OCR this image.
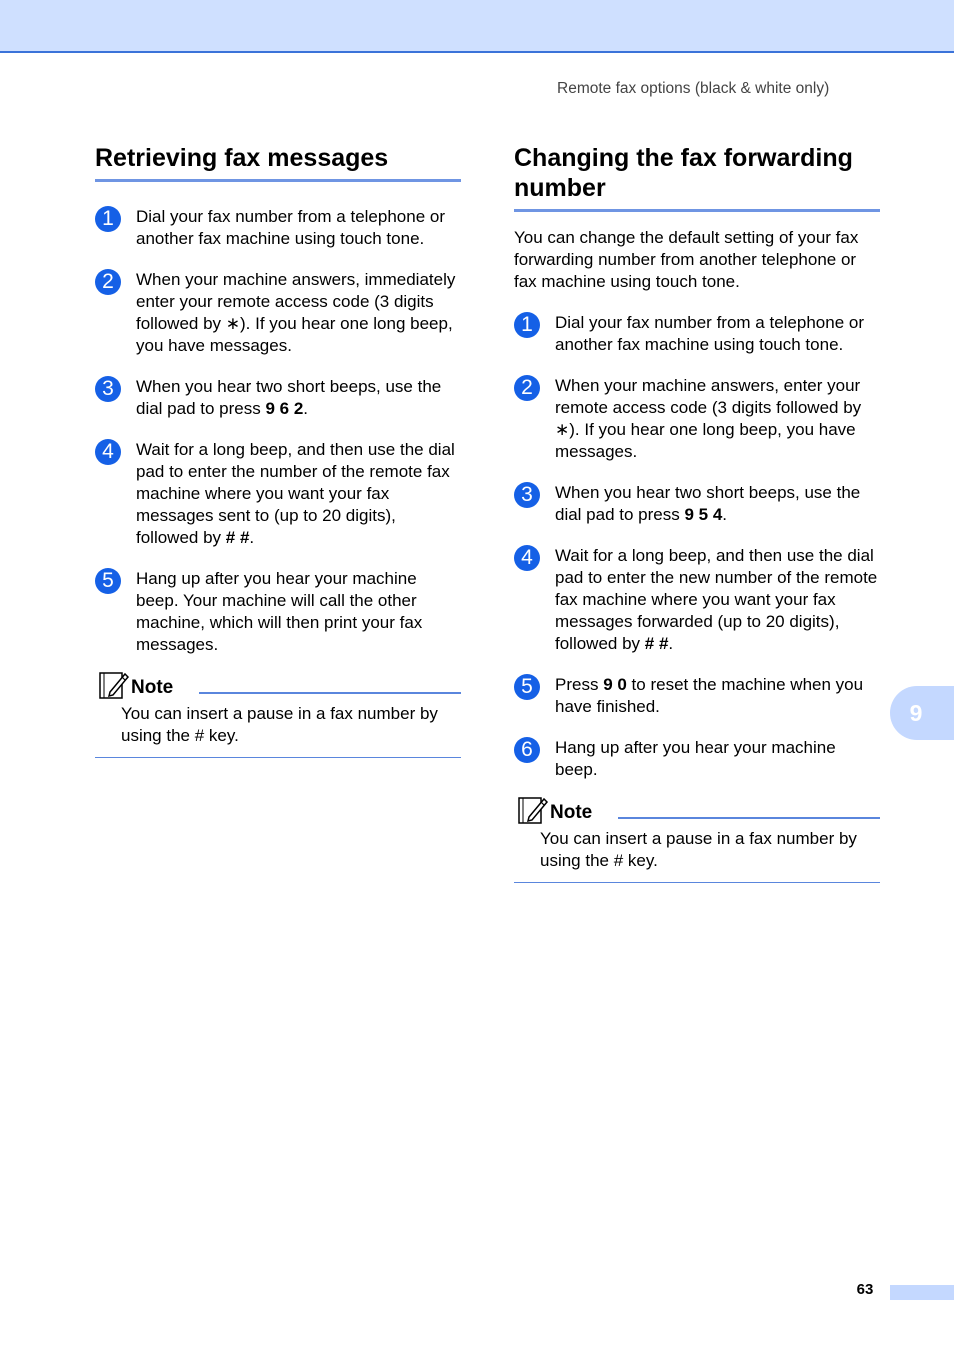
Remote fax options (black & white only)
Retrieving fax messages
1	Dial your fax number from a telephone or another fax machine using touch tone.
2	When your machine answers, immediately enter your remote access code (3 digits followed by ∗). If you hear one long beep, you have messages.
3	When you hear two short beeps, use the dial pad to press 9 6 2.
4	Wait for a long beep, and then use the dial pad to enter the number of the remote fax machine where you want your fax messages sent to (up to 20 digits), followed by # #.
5	Hang up after you hear your machine beep. Your machine will call the other machine, which will then print your fax messages.
Note
You can insert a pause in a fax number by using the # key.
Changing the fax forwarding number

You can change the default setting of your fax forwarding number from another telephone or fax machine using touch tone.

1	Dial your fax number from a telephone or another fax machine using touch tone.
2	When your machine answers, enter your remote access code (3 digits followed by ∗). If you hear one long beep, you have messages.
3	When you hear two short beeps, use the dial pad to press 9 5 4.
4	Wait for a long beep, and then use the dial pad to enter the new number of the remote fax machine where you want your fax messages forwarded (up to 20 digits), followed by # #.
5	Press 9 0 to reset the machine when you have finished.
6	Hang up after you hear your machine beep.
Note
You can insert a pause in a fax number by using the # key.
9
63
